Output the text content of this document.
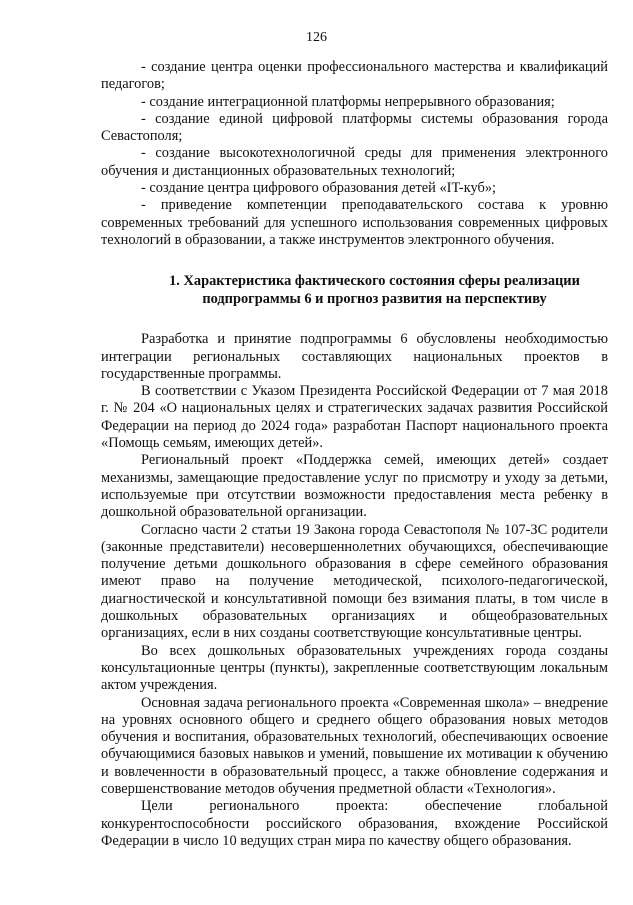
126

- создание центра оценки профессионального мастерства и квалификаций педагогов;

- создание интеграционной платформы непрерывного образования;

- создание единой цифровой платформы системы образования города Севастополя;

- создание высокотехнологичной среды для применения электронного обучения и дистанционных образовательных технологий;

- создание центра цифрового образования детей «IT-куб»;

- приведение компетенции преподавательского состава к уровню современных требований для успешного использования современных цифровых технологий в образовании, а также инструментов электронного обучения.

1. Характеристика фактического состояния сферы реализации
подпрограммы 6 и прогноз развития на перспективу

Разработка и принятие подпрограммы 6 обусловлены необходимостью интеграции региональных составляющих национальных проектов в государственные программы.

В соответствии с Указом Президента Российской Федерации от 7 мая 2018 г. № 204 «О национальных целях и стратегических задачах развития Российской Федерации на период до 2024 года» разработан Паспорт национального проекта «Помощь семьям, имеющих детей».

Региональный проект «Поддержка семей, имеющих детей» создает механизмы, замещающие предоставление услуг по присмотру и уходу за детьми, используемые при отсутствии возможности предоставления места ребенку в дошкольной образовательной организации.

Согласно части 2 статьи 19 Закона города Севастополя № 107-ЗС родители (законные представители) несовершеннолетних обучающихся, обеспечивающие получение детьми дошкольного образования в сфере семейного образования имеют право на получение методической, психолого-педагогической, диагностической и консультативной помощи без взимания платы, в том числе в дошкольных образовательных организациях и общеобразовательных организациях, если в них созданы соответствующие консультативные центры.

Во всех дошкольных образовательных учреждениях города созданы консультационные центры (пункты), закрепленные соответствующим локальным актом учреждения.

Основная задача регионального проекта «Современная школа» – внедрение на уровнях основного общего и среднего общего образования новых методов обучения и воспитания, образовательных технологий, обеспечивающих освоение обучающимися базовых навыков и умений, повышение их мотивации к обучению и вовлеченности в образовательный процесс, а также обновление содержания и совершенствование методов обучения предметной области «Технология».

Цели регионального проекта: обеспечение глобальной конкурентоспособности российского образования, вхождение Российской Федерации в число 10 ведущих стран мира по качеству общего образования.
